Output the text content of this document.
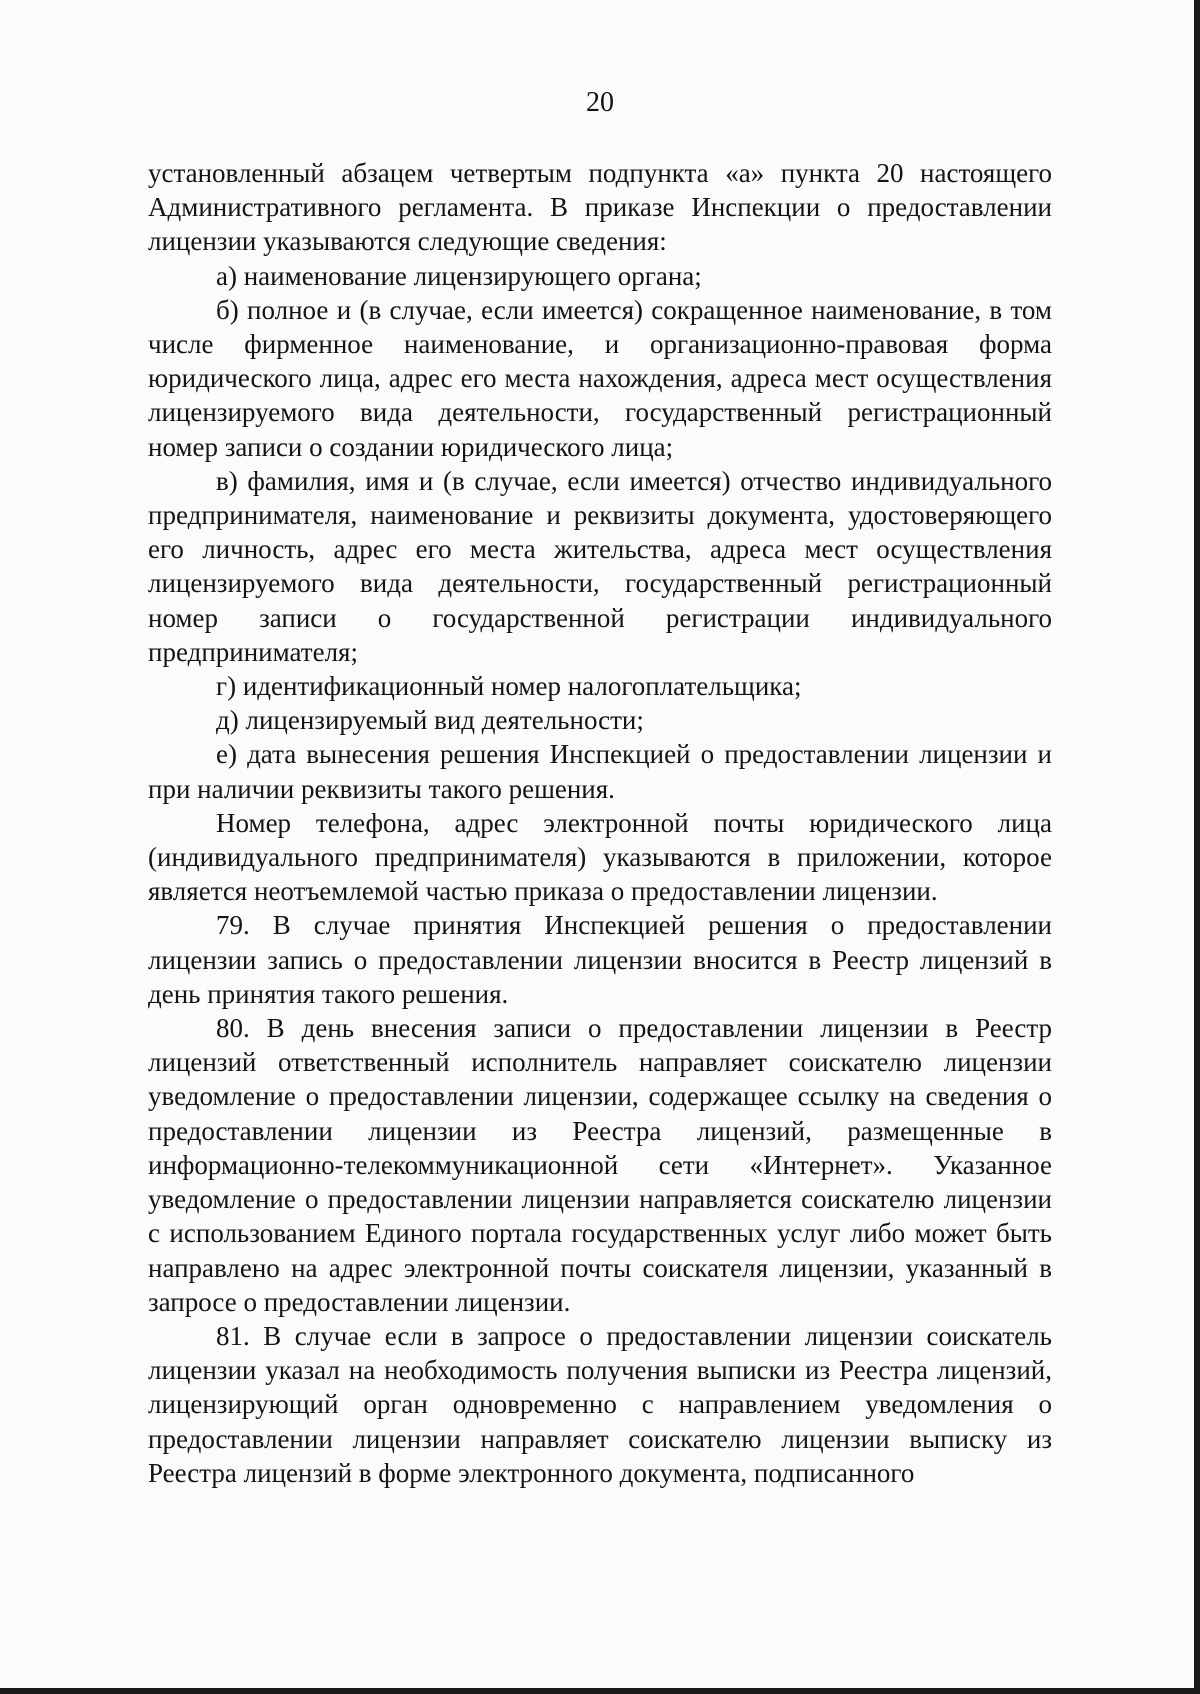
20

установленный абзацем четвертым подпункта «а» пункта 20 настоящего Административного регламента. В приказе Инспекции о предоставлении лицензии указываются следующие сведения:

а) наименование лицензирующего органа;

б) полное и (в случае, если имеется) сокращенное наименование, в том числе фирменное наименование, и организационно-правовая форма юридического лица, адрес его места нахождения, адреса мест осуществления лицензируемого вида деятельности, государственный регистрационный номер записи о создании юридического лица;

в) фамилия, имя и (в случае, если имеется) отчество индивидуального предпринимателя, наименование и реквизиты документа, удостоверяющего его личность, адрес его места жительства, адреса мест осуществления лицензируемого вида деятельности, государственный регистрационный номер записи о государственной регистрации индивидуального предпринимателя;

г) идентификационный номер налогоплательщика;

д) лицензируемый вид деятельности;

е) дата вынесения решения Инспекцией о предоставлении лицензии и при наличии реквизиты такого решения.

Номер телефона, адрес электронной почты юридического лица (индивидуального предпринимателя) указываются в приложении, которое является неотъемлемой частью приказа о предоставлении лицензии.

79. В случае принятия Инспекцией решения о предоставлении лицензии запись о предоставлении лицензии вносится в Реестр лицензий в день принятия такого решения.

80. В день внесения записи о предоставлении лицензии в Реестр лицензий ответственный исполнитель направляет соискателю лицензии уведомление о предоставлении лицензии, содержащее ссылку на сведения о предоставлении лицензии из Реестра лицензий, размещенные в информационно-телекоммуникационной сети «Интернет». Указанное уведомление о предоставлении лицензии направляется соискателю лицензии с использованием Единого портала государственных услуг либо может быть направлено на адрес электронной почты соискателя лицензии, указанный в запросе о предоставлении лицензии.

81. В случае если в запросе о предоставлении лицензии соискатель лицензии указал на необходимость получения выписки из Реестра лицензий, лицензирующий орган одновременно с направлением уведомления о предоставлении лицензии направляет соискателю лицензии выписку из Реестра лицензий в форме электронного документа, подписанного
